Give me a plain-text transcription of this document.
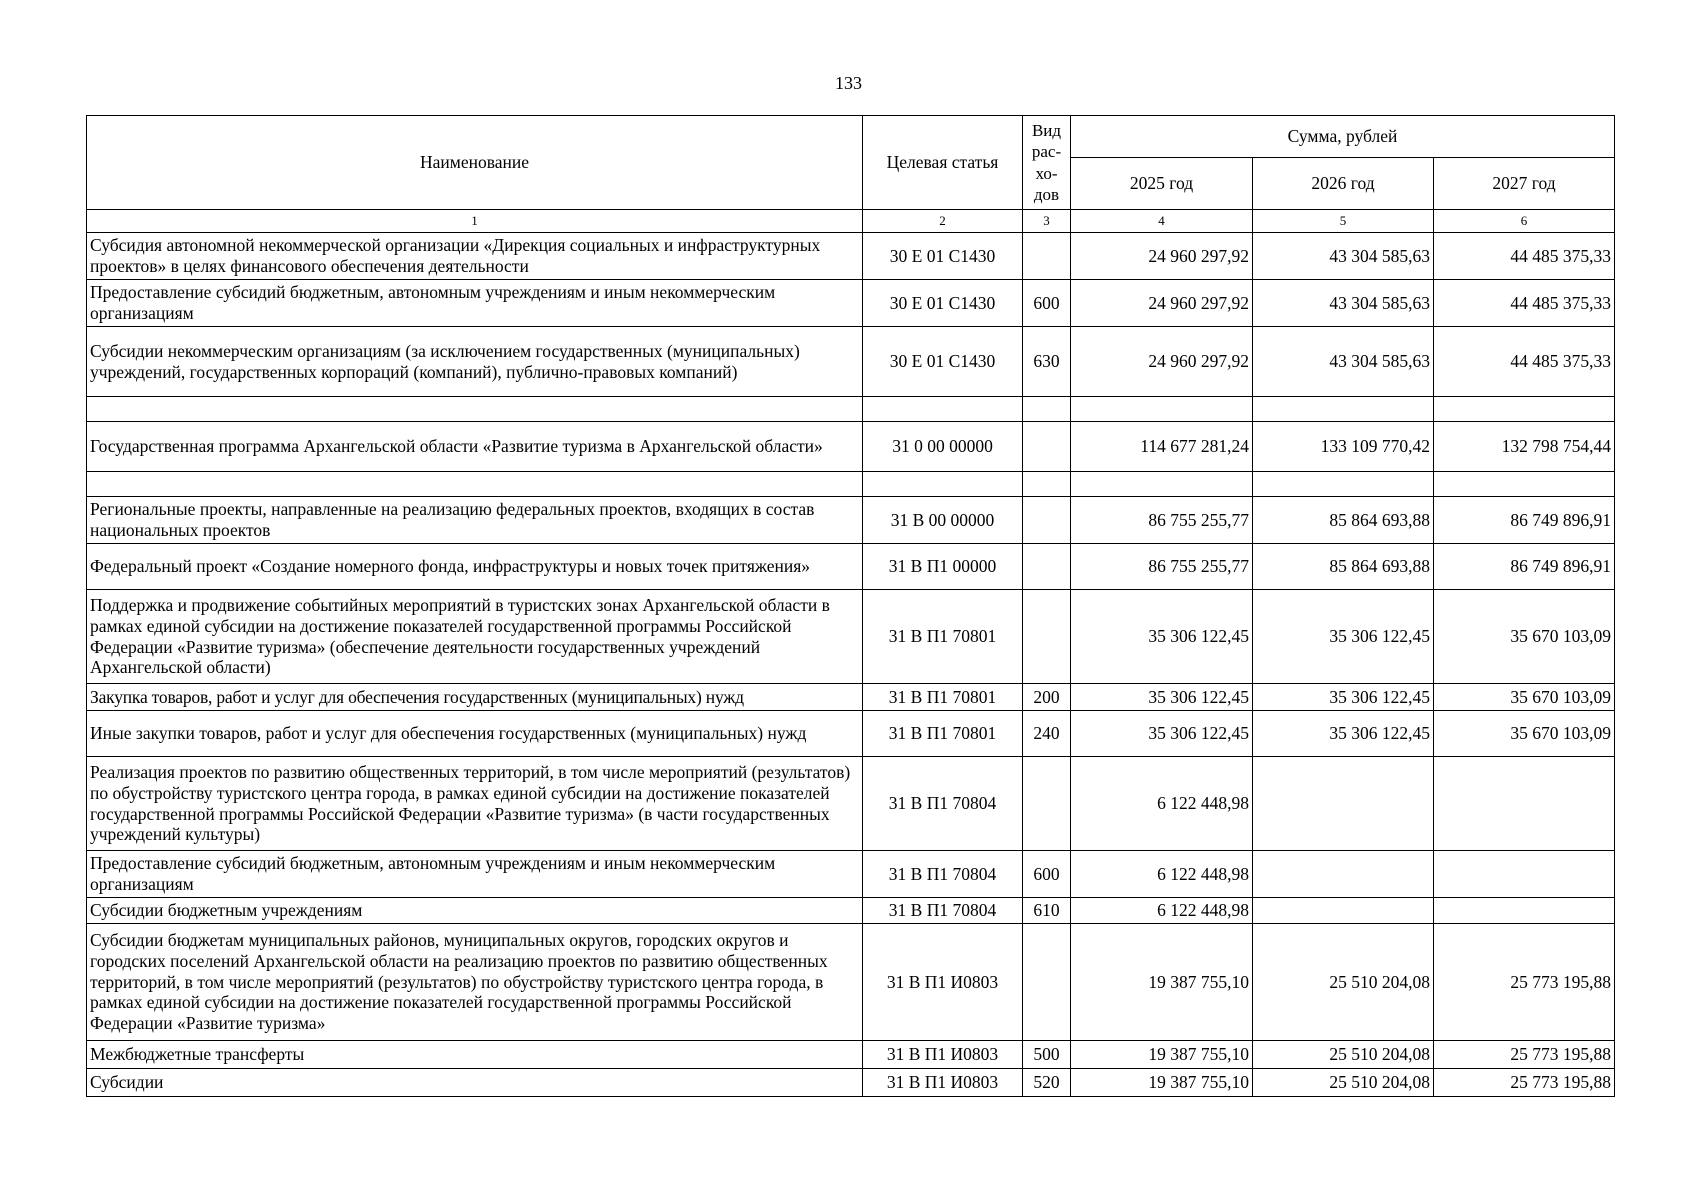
133
Наименование	Целевая статья	Вид
рас-
хо-
дов	Сумма, рублей		
			2025 год	2026 год	2027 год
1	2	3	4	5	6
Субсидия автономной некоммерческой организации «Дирекция социальных и инфраструктурных проектов» в целях финансового обеспечения деятельности	30 Е 01 С1430		24 960 297,92	43 304 585,63	44 485 375,33
Предоставление субсидий бюджетным, автономным учреждениям и иным некоммерческим организациям	30 Е 01 С1430	600	24 960 297,92	43 304 585,63	44 485 375,33
Субсидии некоммерческим организациям (за исключением государственных (муниципальных) учреждений, государственных корпораций (компаний), публично-правовых компаний)	30 Е 01 С1430	630	24 960 297,92	43 304 585,63	44 485 375,33

Государственная программа Архангельской области «Развитие туризма в Архангельской области»	31 0 00 00000		114 677 281,24	133 109 770,42	132 798 754,44

Региональные проекты, направленные на реализацию федеральных проектов, входящих в состав национальных проектов	31 В 00 00000		86 755 255,77	85 864 693,88	86 749 896,91
Федеральный проект «Создание номерного фонда, инфраструктуры и новых точек притяжения»	31 В П1 00000		86 755 255,77	85 864 693,88	86 749 896,91
Поддержка и продвижение событийных мероприятий в туристских зонах Архангельской области в рамках единой субсидии на достижение показателей государственной программы Российской Федерации «Развитие туризма» (обеспечение деятельности государственных учреждений Архангельской области)	31 В П1 70801		35 306 122,45	35 306 122,45	35 670 103,09
Закупка товаров, работ и услуг для обеспечения государственных (муниципальных) нужд	31 В П1 70801	200	35 306 122,45	35 306 122,45	35 670 103,09
Иные закупки товаров, работ и услуг для обеспечения государственных (муниципальных) нужд	31 В П1 70801	240	35 306 122,45	35 306 122,45	35 670 103,09
Реализация проектов по развитию общественных территорий, в том числе мероприятий (результатов) по обустройству туристского центра города, в рамках единой субсидии на достижение показателей государственной программы Российской Федерации «Развитие туризма» (в части государственных учреждений культуры)	31 В П1 70804		6 122 448,98		
Предоставление субсидий бюджетным, автономным учреждениям и иным некоммерческим организациям	31 В П1 70804	600	6 122 448,98		
Субсидии бюджетным учреждениям	31 В П1 70804	610	6 122 448,98		
Субсидии бюджетам муниципальных районов, муниципальных округов, городских округов и городских поселений Архангельской области на реализацию проектов по развитию общественных территорий, в том числе мероприятий (результатов) по обустройству туристского центра города, в рамках единой субсидии на достижение показателей государственной программы Российской Федерации «Развитие туризма»	31 В П1 И0803		19 387 755,10	25 510 204,08	25 773 195,88
Межбюджетные трансферты	31 В П1 И0803	500	19 387 755,10	25 510 204,08	25 773 195,88
Субсидии	31 В П1 И0803	520	19 387 755,10	25 510 204,08	25 773 195,88
